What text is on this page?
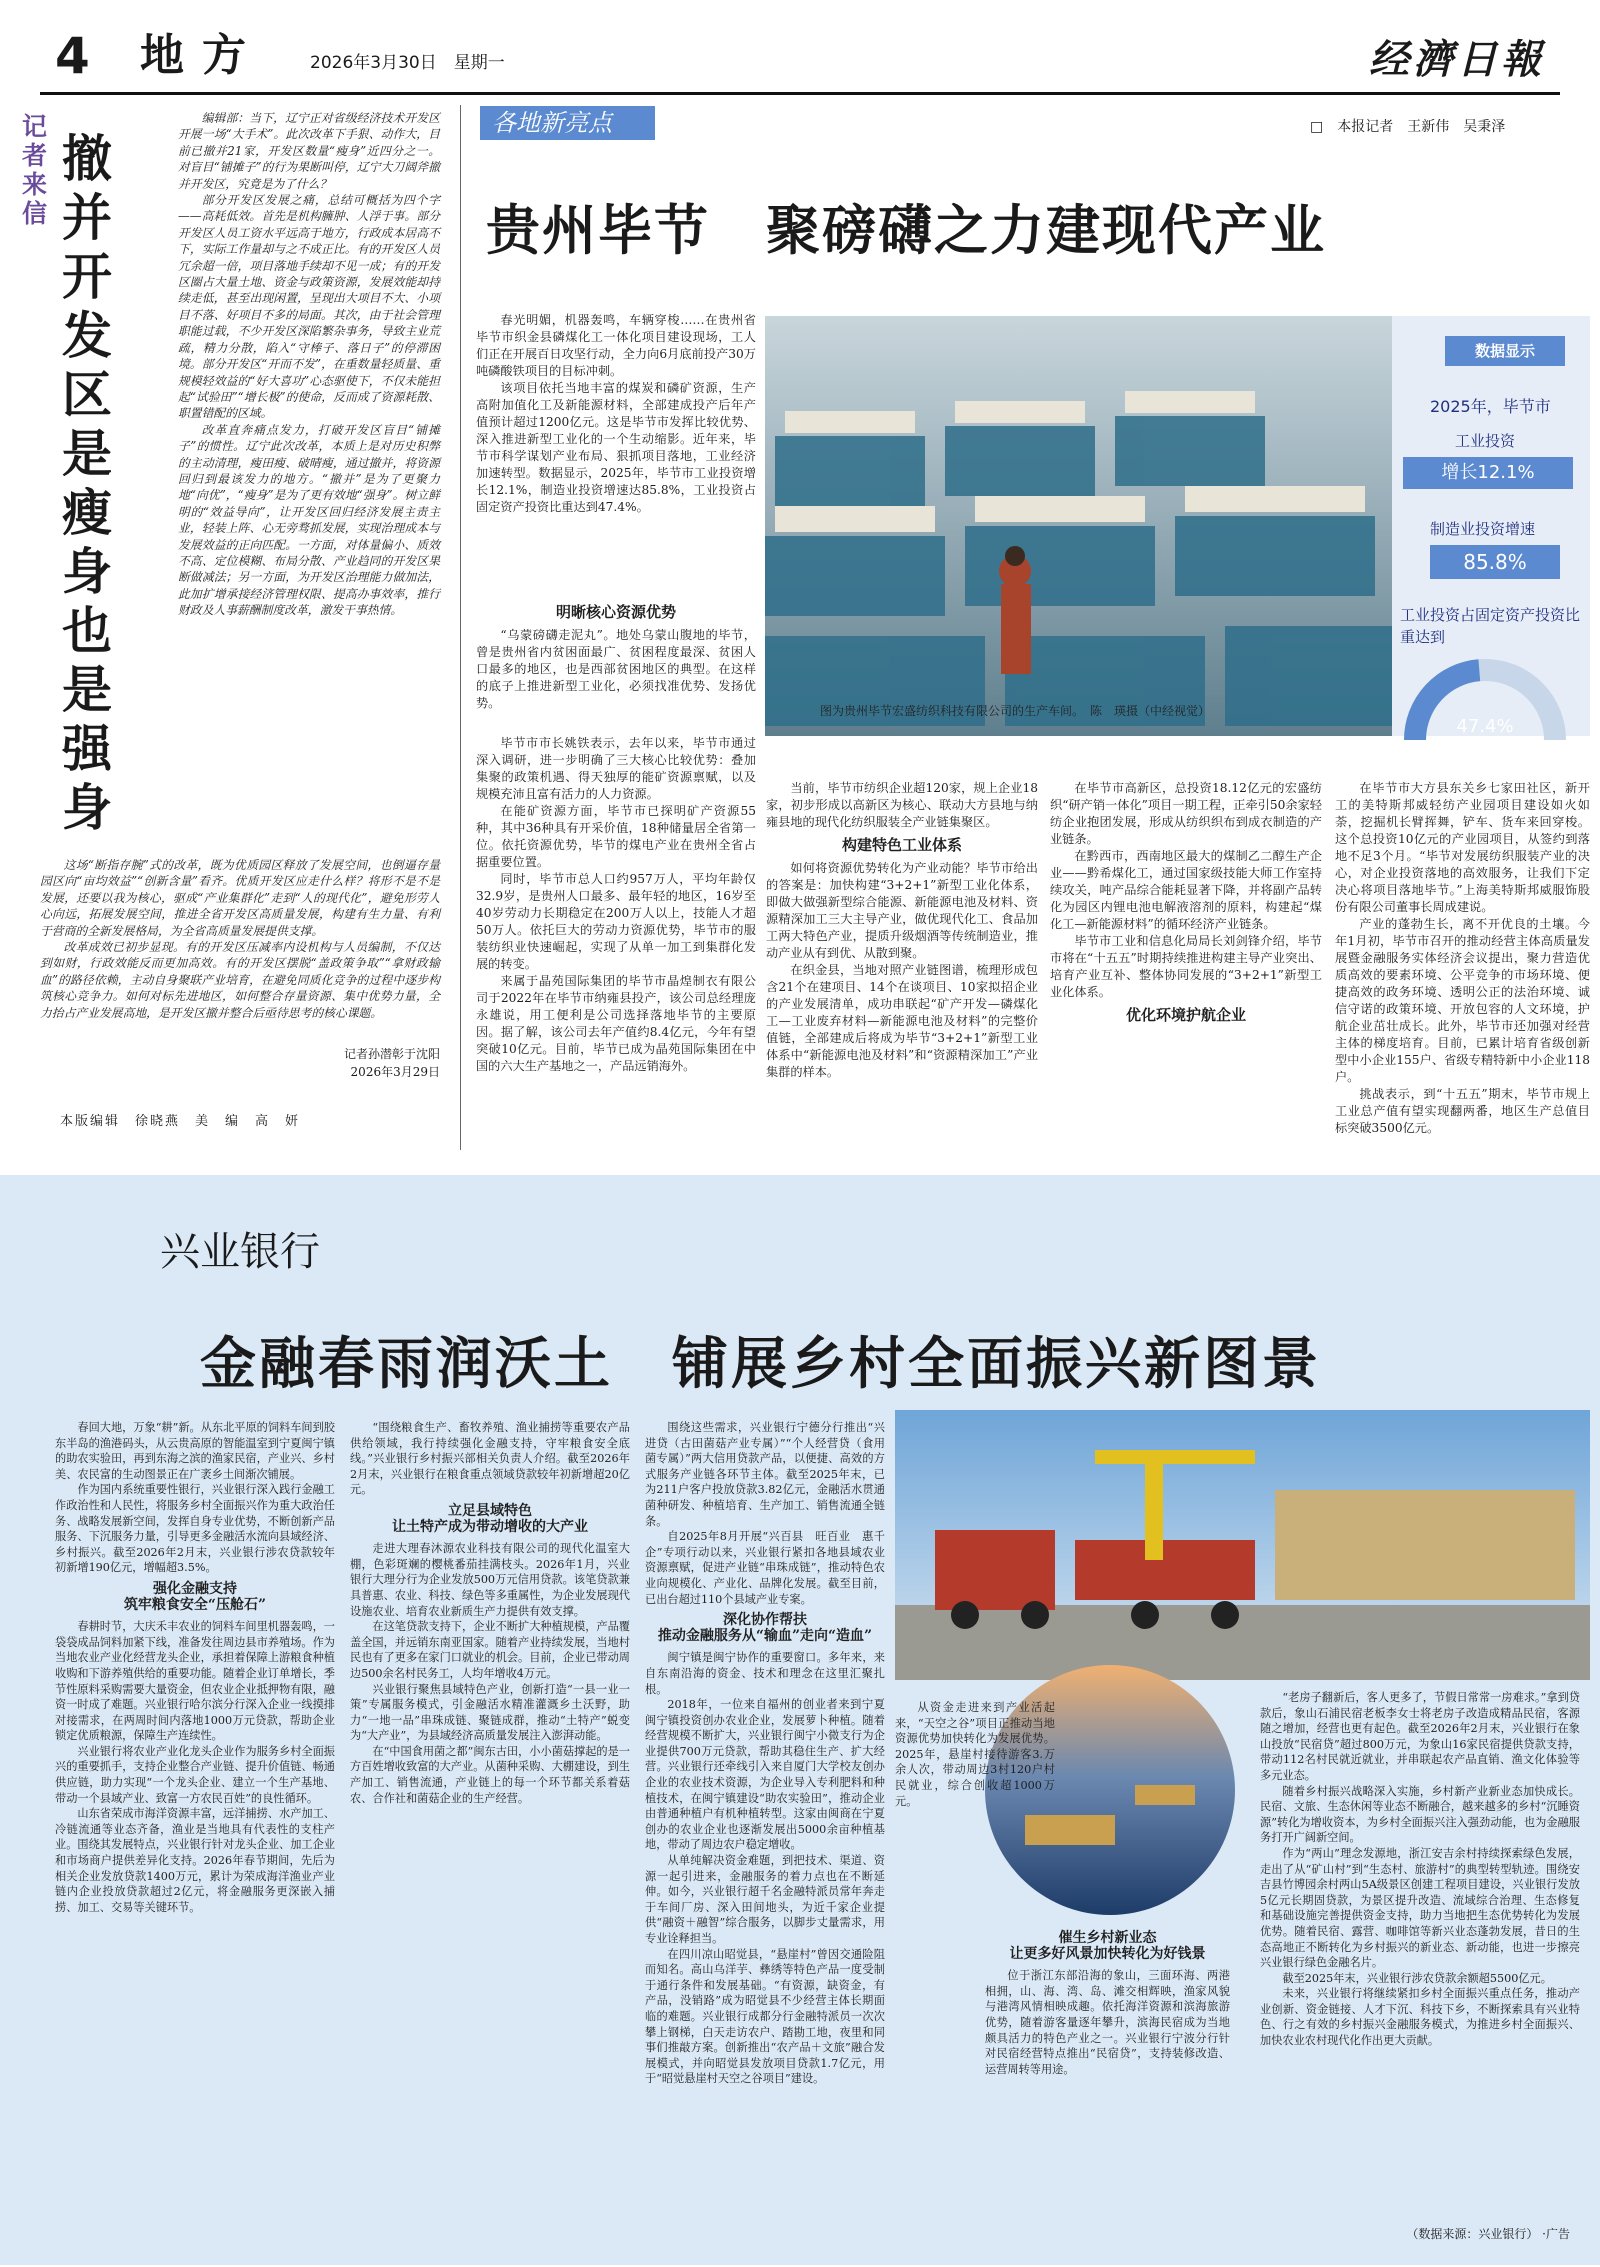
4 地方	2026年3月30日　星期一	经濟日報
记者来信
撤并开发区是瘦身也是强身
编辑部：当下，辽宁正对省级经济技术开发区开展一场“大手术”。此次改革下手狠、动作大，目前已撤并21家，开发区数量“瘦身”近四分之一。对盲目“铺摊子”的行为果断叫停，辽宁大刀阔斧撤并开发区，究竟是为了什么？
部分开发区发展之痛，总结可概括为四个字——高耗低效。首先是机构臃肿、人浮于事。部分开发区人员工资水平远高于地方，行政成本居高不下，实际工作量却与之不成正比。有的开发区人员冗余超一倍，项目落地手续却不见一成；有的开发区圈占大量土地、资金与政策资源，发展效能却持续走低，甚至出现闲置，呈现出大项目不大、小项目不落、好项目不多的局面。其次，由于社会管理职能过载，不少开发区深陷繁杂事务，导致主业荒疏，精力分散，陷入“守棒子、落日子”的停滞困境。部分开发区“开而不发”，在重数量轻质量、重规模轻效益的“好大喜功”心态驱使下，不仅未能担起“试验田”“增长极”的使命，反而成了资源耗散、职置错配的区域。
改革直奔痛点发力，打破开发区盲目“铺摊子”的惯性。辽宁此次改革，本质上是对历史积弊的主动清理，瘦田瘦、破晴瘦，通过撤并，将资源回归到最该发力的地方。“撤并”是为了更聚力地“向优”，“瘦身”是为了更有效地“强身”。树立鲜明的“效益导向”，让开发区回归经济发展主责主业，轻装上阵、心无旁骛抓发展，实现治理成本与发展效益的正向匹配。一方面，对体量偏小、质效不高、定位模糊、布局分散、产业趋同的开发区果断做减法；另一方面，为开发区治理能力做加法，此加扩增承接经济管理权限、提高办事效率，推行财政及人事薪酬制度改革，激发干事热情。
这场“断指存腕”式的改革，既为优质园区释放了发展空间，也倒逼存量园区向“亩均效益”“创新含量”看齐。优质开发区应走什么样？将形不是不是发展，还要以我为核心，驱成“产业集群化”走到“人的现代化”，避免形劳人心向远，拓展发展空间，推进全省开发区高质量发展，构建有生力量、有利于营商的全新发展格局，为全省高质量发展提供支撑。
改革成效已初步显现。有的开发区压减率内设机构与人员编制，不仅达到如财，行政效能反而更加高效。有的开发区摆脱“盖政策争取”“拿财政输血”的路径依赖，主动自身聚联产业培育，在避免同质化竞争的过程中逐步构筑核心竞争力。如何对标先进地区，如何整合存量资源、集中优势力量，全力抬占产业发展高地，是开发区撤并整合后亟待思考的核心课题。
记者孙潜彰于沈阳
2026年3月29日
本版编辑　徐晓燕　美　编　高　妍
各地新亮点	□　本报记者　王新伟　吴秉泽
贵州毕节　聚磅礴之力建现代产业
图为贵州毕节宏盛纺织科技有限公司的生产车间。　陈　瑛摄（中经视觉）
数据显示
2025年，毕节市
工业投资
增长12.1%
制造业投资增速
85.8%
工业投资占固定资产投资比重达到
47.4%
春光明媚，机器轰鸣，车辆穿梭……在贵州省毕节市织金县磷煤化工一体化项目建设现场，工人们正在开展百日攻坚行动，全力向6月底前投产30万吨磷酸铁项目的目标冲刺。
该项目依托当地丰富的煤炭和磷矿资源，生产高附加值化工及新能源材料，全部建成投产后年产值预计超过1200亿元。这是毕节市发挥比较优势、深入推进新型工业化的一个生动缩影。近年来，毕节市科学谋划产业布局、狠抓项目落地，工业经济加速转型。数据显示，2025年，毕节市工业投资增长12.1%，制造业投资增速达85.8%，工业投资占固定资产投资比重达到47.4%。
明晰核心资源优势
“乌蒙磅礴走泥丸”。地处乌蒙山腹地的毕节，曾是贵州省内贫困面最广、贫困程度最深、贫困人口最多的地区，也是西部贫困地区的典型。在这样的底子上推进新型工业化，必须找准优势、发扬优势。
毕节市市长姚铁表示，去年以来，毕节市通过深入调研，进一步明确了三大核心比较优势：叠加集聚的政策机遇、得天独厚的能矿资源禀赋，以及规模充沛且富有活力的人力资源。
在能矿资源方面，毕节市已探明矿产资源55种，其中36种具有开采价值，18种储量居全省第一位。依托资源优势，毕节的煤电产业在贵州全省占据重要位置。
同时，毕节市总人口约957万人，平均年龄仅32.9岁，是贵州人口最多、最年轻的地区，16岁至40岁劳动力长期稳定在200万人以上，技能人才超50万人。依托巨大的劳动力资源优势，毕节市的服装纺织业快速崛起，实现了从单一加工到集群化发展的转变。
来属于晶苑国际集团的毕节市晶煌制衣有限公司于2022年在毕节市纳雍县投产，该公司总经理庞永雄说，用工便利是公司选择落地毕节的主要原因。据了解，该公司去年产值约8.4亿元，今年有望突破10亿元。目前，毕节已成为晶苑国际集团在中国的六大生产基地之一，产品远销海外。
当前，毕节市纺织企业超120家，规上企业18家，初步形成以高新区为核心、联动大方县地与纳雍县地的现代化纺织服装全产业链集聚区。
构建特色工业体系
如何将资源优势转化为产业动能？毕节市给出的答案是：加快构建“3+2+1”新型工业化体系，即做大做强新型综合能源、新能源电池及材料、资源精深加工三大主导产业，做优现代化工、食品加工两大特色产业，提质升级烟酒等传统制造业，推动产业从有到优、从散到聚。
在织金县，当地对照产业链图谱，梳理形成包含21个在建项目、14个在谈项目、10家拟招企业的产业发展清单，成功串联起“矿产开发—磷煤化工—工业废弃材料—新能源电池及材料”的完整价值链，全部建成后将成为毕节“3+2+1”新型工业体系中“新能源电池及材料”和“资源精深加工”产业集群的样本。
在毕节市高新区，总投资18.12亿元的宏盛纺织“研产销一体化”项目一期工程，正牵引50余家轻纺企业抱团发展，形成从纺织织布到成衣制造的产业链条。
在黔西市，西南地区最大的煤制乙二醇生产企业——黔希煤化工，通过国家级技能大师工作室持续攻关，吨产品综合能耗显著下降，并将副产品转化为园区内锂电池电解液溶剂的原料，构建起“煤化工—新能源材料”的循环经济产业链条。
毕节市工业和信息化局局长刘剑锋介绍，毕节市将在“十五五”时期持续推进构建主导产业突出、培育产业互补、整体协同发展的“3+2+1”新型工业化体系。
优化环境护航企业
在毕节市大方县东关乡七家田社区，新开工的美特斯邦威轻纺产业园项目建设如火如荼，挖掘机长臂挥舞，铲车、货车来回穿梭。这个总投资10亿元的产业园项目，从签约到落地不足3个月。“毕节对发展纺织服装产业的决心，对企业投资落地的高效服务，让我们下定决心将项目落地毕节。”上海美特斯邦威服饰股份有限公司董事长周成建说。
产业的蓬勃生长，离不开优良的土壤。今年1月初，毕节市召开的推动经营主体高质量发展暨金融服务实体经济会议提出，聚力营造优质高效的要素环境、公平竞争的市场环境、便捷高效的政务环境、透明公正的法治环境、诚信守诺的政策环境、开放包容的人文环境，护航企业茁壮成长。此外，毕节市还加强对经营主体的梯度培育。目前，已累计培育省级创新型中小企业155户、省级专精特新中小企业118户。
挑战表示，到“十五五”期末，毕节市规上工业总产值有望实现翻两番，地区生产总值目标突破3500亿元。
兴业银行
金融春雨润沃土　铺展乡村全面振兴新图景
春回大地，万象“耕”新。从东北平原的饲料车间到胶东半岛的渔港码头，从云贵高原的智能温室到宁夏闽宁镇的助农实验田，再到东海之滨的渔家民宿，产业兴、乡村美、农民富的生动图景正在广袤乡土间渐次铺展。
作为国内系统重要性银行，兴业银行深入践行金融工作政治性和人民性，将服务乡村全面振兴作为重大政治任务、战略发展新空间，发挥自身专业优势，不断创新产品服务、下沉服务力量，引导更多金融活水流向县域经济、乡村振兴。截至2026年2月末，兴业银行涉农贷款较年初新增190亿元，增幅超3.5%。
强化金融支持
筑牢粮食安全“压舱石”
春耕时节，大庆禾丰农业的饲料车间里机器轰鸣，一袋袋成品饲料加紧下线，准备发往周边县市养殖场。作为当地农业产业化经营龙头企业，承担着保障上游粮食种植收购和下游养殖供给的重要功能。随着企业订单增长，季节性原料采购需要大量资金，但农业企业抵押物有限，融资一时成了难题。兴业银行哈尔滨分行深入企业一线摸排对接需求，在两周时间内落地1000万元贷款，帮助企业锁定优质粮源，保障生产连续性。
兴业银行将农业产业化龙头企业作为服务乡村全面振兴的重要抓手，支持企业整合产业链、提升价值链、畅通供应链，助力实现“一个龙头企业、建立一个生产基地、带动一个县域产业、致富一方农民百姓”的良性循环。
山东省荣成市海洋资源丰富，远洋捕捞、水产加工、冷链流通等业态齐备，渔业是当地具有代表性的支柱产业。围绕其发展特点，兴业银行针对龙头企业、加工企业和市场商户提供差异化支持。2026年春节期间，先后为相关企业发放贷款1400万元，累计为荣成海洋渔业产业链内企业投放贷款超过2亿元，将金融服务更深嵌入捕捞、加工、交易等关键环节。
“围绕粮食生产、畜牧养殖、渔业捕捞等重要农产品供给领域，我行持续强化金融支持，守牢粮食安全底线。”兴业银行乡村振兴部相关负责人介绍。截至2026年2月末，兴业银行在粮食重点领域贷款较年初新增超20亿元。
立足县域特色
让土特产成为带动增收的大产业
走进大理春沐源农业科技有限公司的现代化温室大棚，色彩斑斓的樱桃番茄挂满枝头。2026年1月，兴业银行大理分行为企业发放500万元信用贷款。该笔贷款兼具普惠、农业、科技、绿色等多重属性，为企业发展现代设施农业、培育农业新质生产力提供有效支撑。
在这笔贷款支持下，企业不断扩大种植规模，产品覆盖全国，并远销东南亚国家。随着产业持续发展，当地村民也有了更多在家门口就业的机会。目前，企业已带动周边500余名村民务工，人均年增收4万元。
兴业银行聚焦县域特色产业，创新打造“一县一业一策”专属服务模式，引金融活水精准灌溉乡土沃野，助力“一地一品”串珠成链、聚链成群，推动“土特产”蜕变为“大产业”，为县域经济高质量发展注入澎湃动能。
在“中国食用菌之都”闽东古田，小小菌菇撑起的是一方百姓增收致富的大产业。从菌种采购、大棚建设，到生产加工、销售流通，产业链上的每一个环节都关系着菇农、合作社和菌菇企业的生产经营。
围绕这些需求，兴业银行宁德分行推出“兴进贷（古田菌菇产业专属）”“个人经营贷（食用菌专属）”两大信用贷款产品，以便捷、高效的方式服务产业链各环节主体。截至2025年末，已为211户客户投放贷款3.82亿元，金融活水贯通菌种研发、种植培育、生产加工、销售流通全链条。
自2025年8月开展“兴百县　旺百业　惠千企”专项行动以来，兴业银行紧扣各地县域农业资源禀赋，促进产业链“串珠成链”，推动特色农业向规模化、产业化、品牌化发展。截至目前，已出台超过110个县域产业专案。
深化协作帮扶
推动金融服务从“输血”走向“造血”
闽宁镇是闽宁协作的重要窗口。多年来，来自东南沿海的资金、技术和理念在这里汇聚扎根。
2018年，一位来自福州的创业者来到宁夏闽宁镇投资创办农业企业，发展萝卜种植。随着经营规模不断扩大，兴业银行闽宁小微支行为企业提供700万元贷款，帮助其稳住生产、扩大经营。兴业银行还牵线引入来自厦门大学校友创办企业的农业技术资源，为企业导入专利肥料和种植技术，在闽宁镇建设“助农实验田”，推动企业由普通种植户有机种植转型。这家由闽商在宁夏创办的农业企业也逐渐发展出5000余亩种植基地，带动了周边农户稳定增收。
从单纯解决资金难题，到把技术、渠道、资源一起引进来，金融服务的着力点也在不断延伸。如今，兴业银行超千名金融特派员常年奔走于车间厂房、深入田间地头，为近千家企业提供“融资＋融智”综合服务，以脚步丈量需求，用专业诠释担当。
在四川凉山昭觉县，“悬崖村”曾因交通险阻而知名。高山乌洋芋、彝绣等特色产品一度受制于通行条件和发展基础。“有资源，缺资金，有产品，没销路”成为昭觉县不少经营主体长期面临的难题。兴业银行成都分行金融特派员一次次攀上钢梯，白天走访农户、踏勘工地，夜里和同事们推敲方案。创新推出“农产品＋文旅”融合发展模式，并向昭觉县发放项目贷款1.7亿元，用于“昭觉悬崖村天空之谷项目”建设。
从资金走进来到产业活起来，“天空之谷”项目正推动当地资源优势加快转化为发展优势。2025年，悬崖村接待游客3.万余人次，带动周边3村120户村民就业，综合创收超1000万元。
催生乡村新业态
让更多好风景加快转化为好钱景
位于浙江东部沿海的象山，三面环海、两港相拥，山、海、湾、岛、滩交相辉映，渔家风貌与港湾风情相映成趣。依托海洋资源和滨海旅游优势，随着游客量逐年攀升，滨海民宿成为当地颇具活力的特色产业之一。兴业银行宁波分行针对民宿经营特点推出“民宿贷”，支持装修改造、运营周转等用途。
“老房子翻新后，客人更多了，节假日常常一房难求。”拿到贷款后，象山石浦民宿老板李女士将老房子改造成精品民宿，客源随之增加，经营也更有起色。截至2026年2月末，兴业银行在象山投放“民宿贷”超过800万元，为象山16家民宿提供贷款支持，带动112名村民就近就业，并串联起农产品直销、渔文化体验等多元业态。
随着乡村振兴战略深入实施，乡村新产业新业态加快成长。民宿、文旅、生态休闲等业态不断融合，越来越多的乡村“沉睡资源”转化为增收资本，为乡村全面振兴注入强劲动能，也为金融服务打开广阔新空间。
作为“两山”理念发源地，浙江安吉余村持续探索绿色发展，走出了从“矿山村”到“生态村、旅游村”的典型转型轨迹。围绕安吉县竹博园余村两山5A级景区创建工程项目建设，兴业银行发放5亿元长期固贷款，为景区提升改造、流域综合治理、生态修复和基础设施完善提供资金支持，助力当地把生态优势转化为发展优势。随着民宿、露营、咖啡馆等新兴业态蓬勃发展，昔日的生态高地正不断转化为乡村振兴的新业态、新动能，也进一步擦亮兴业银行绿色金融名片。
截至2025年末，兴业银行涉农贷款余额超5500亿元。
未来，兴业银行将继续紧扣乡村全面振兴重点任务，推动产业创新、资金链接、人才下沉、科技下乡，不断探索具有兴业特色、行之有效的乡村振兴金融服务模式，为推进乡村全面振兴、加快农业农村现代化作出更大贡献。
（数据来源：兴业银行） ·广告
